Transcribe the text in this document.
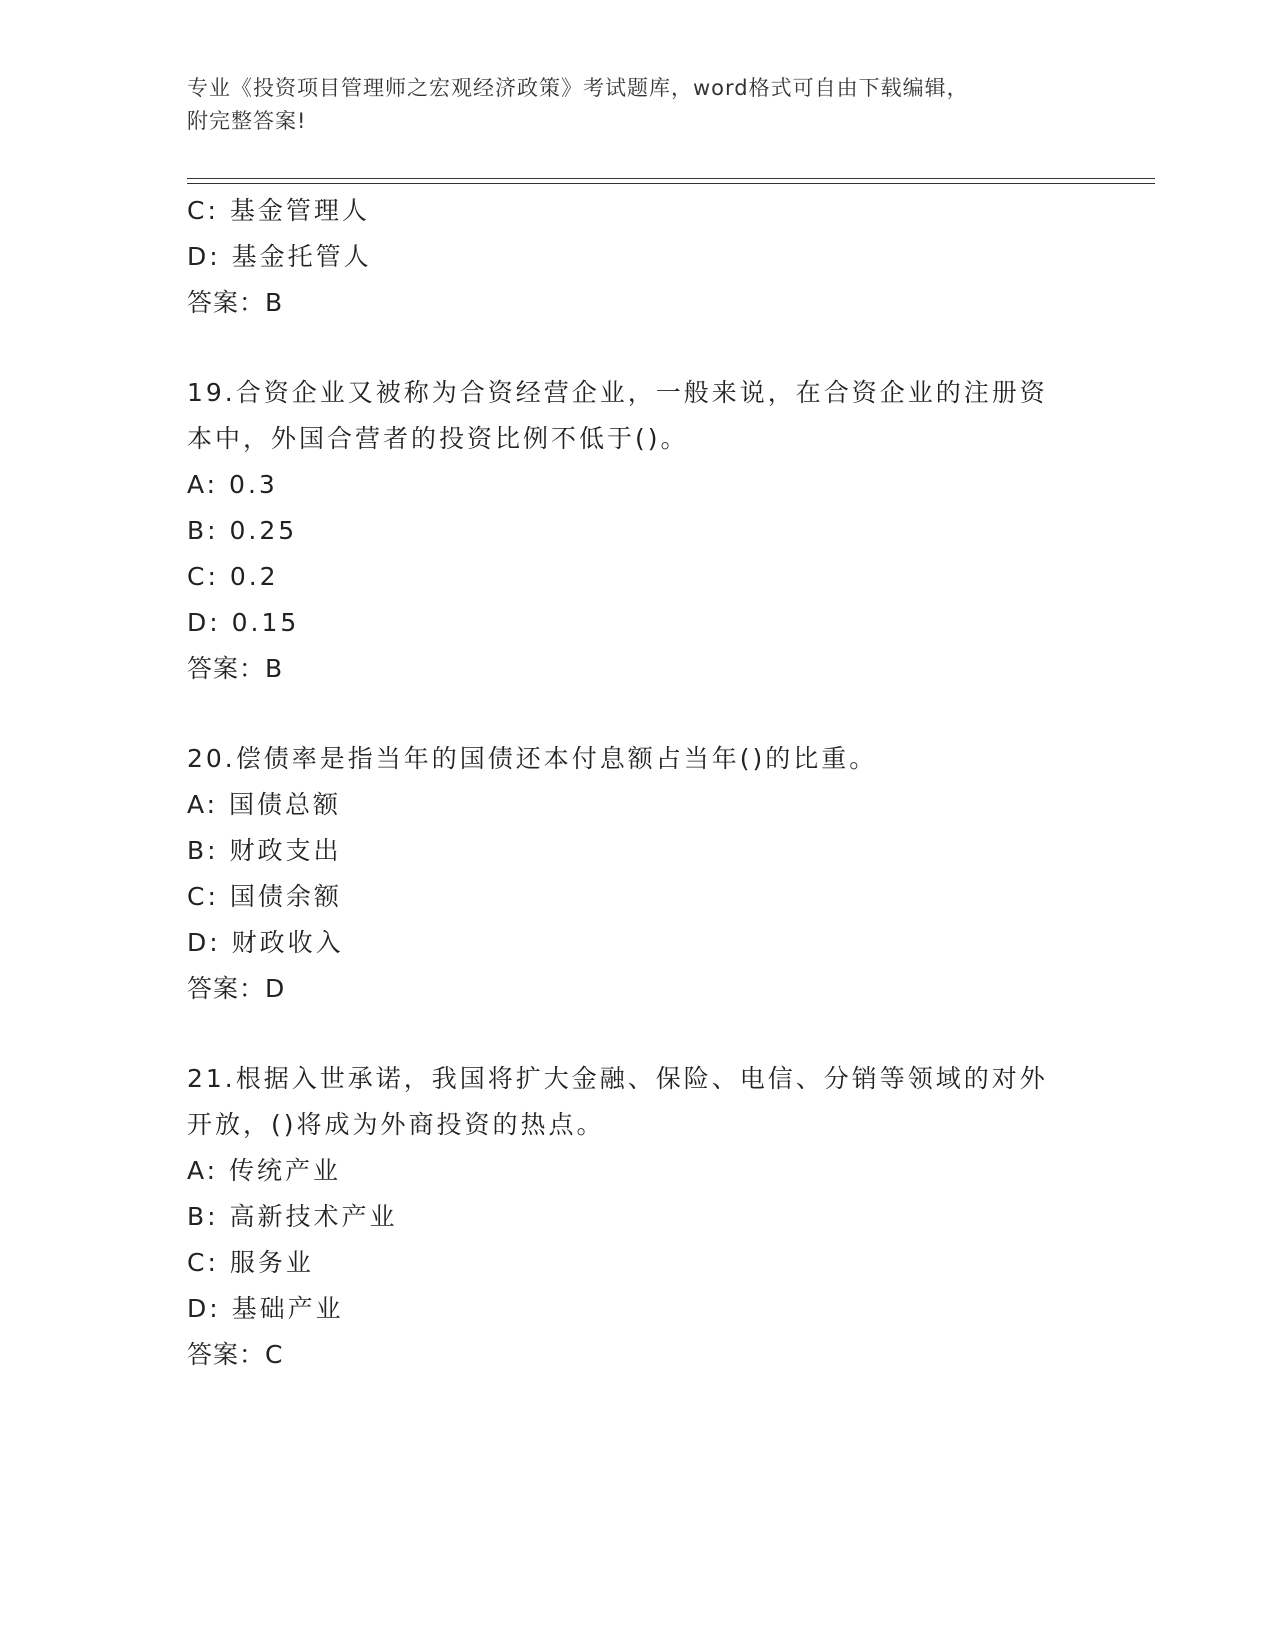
专业《投资项目管理师之宏观经济政策》考试题库，word格式可自由下载编辑，
附完整答案!
C: 基金管理人
D: 基金托管人
答案：B
19.合资企业又被称为合资经营企业，一般来说，在合资企业的注册资
本中，外国合营者的投资比例不低于()。
A: 0.3
B: 0.25
C: 0.2
D: 0.15
答案：B
20.偿债率是指当年的国债还本付息额占当年()的比重。
A: 国债总额
B: 财政支出
C: 国债余额
D: 财政收入
答案：D
21.根据入世承诺，我国将扩大金融、保险、电信、分销等领域的对外
开放，()将成为外商投资的热点。
A: 传统产业
B: 高新技术产业
C: 服务业
D: 基础产业
答案：C
